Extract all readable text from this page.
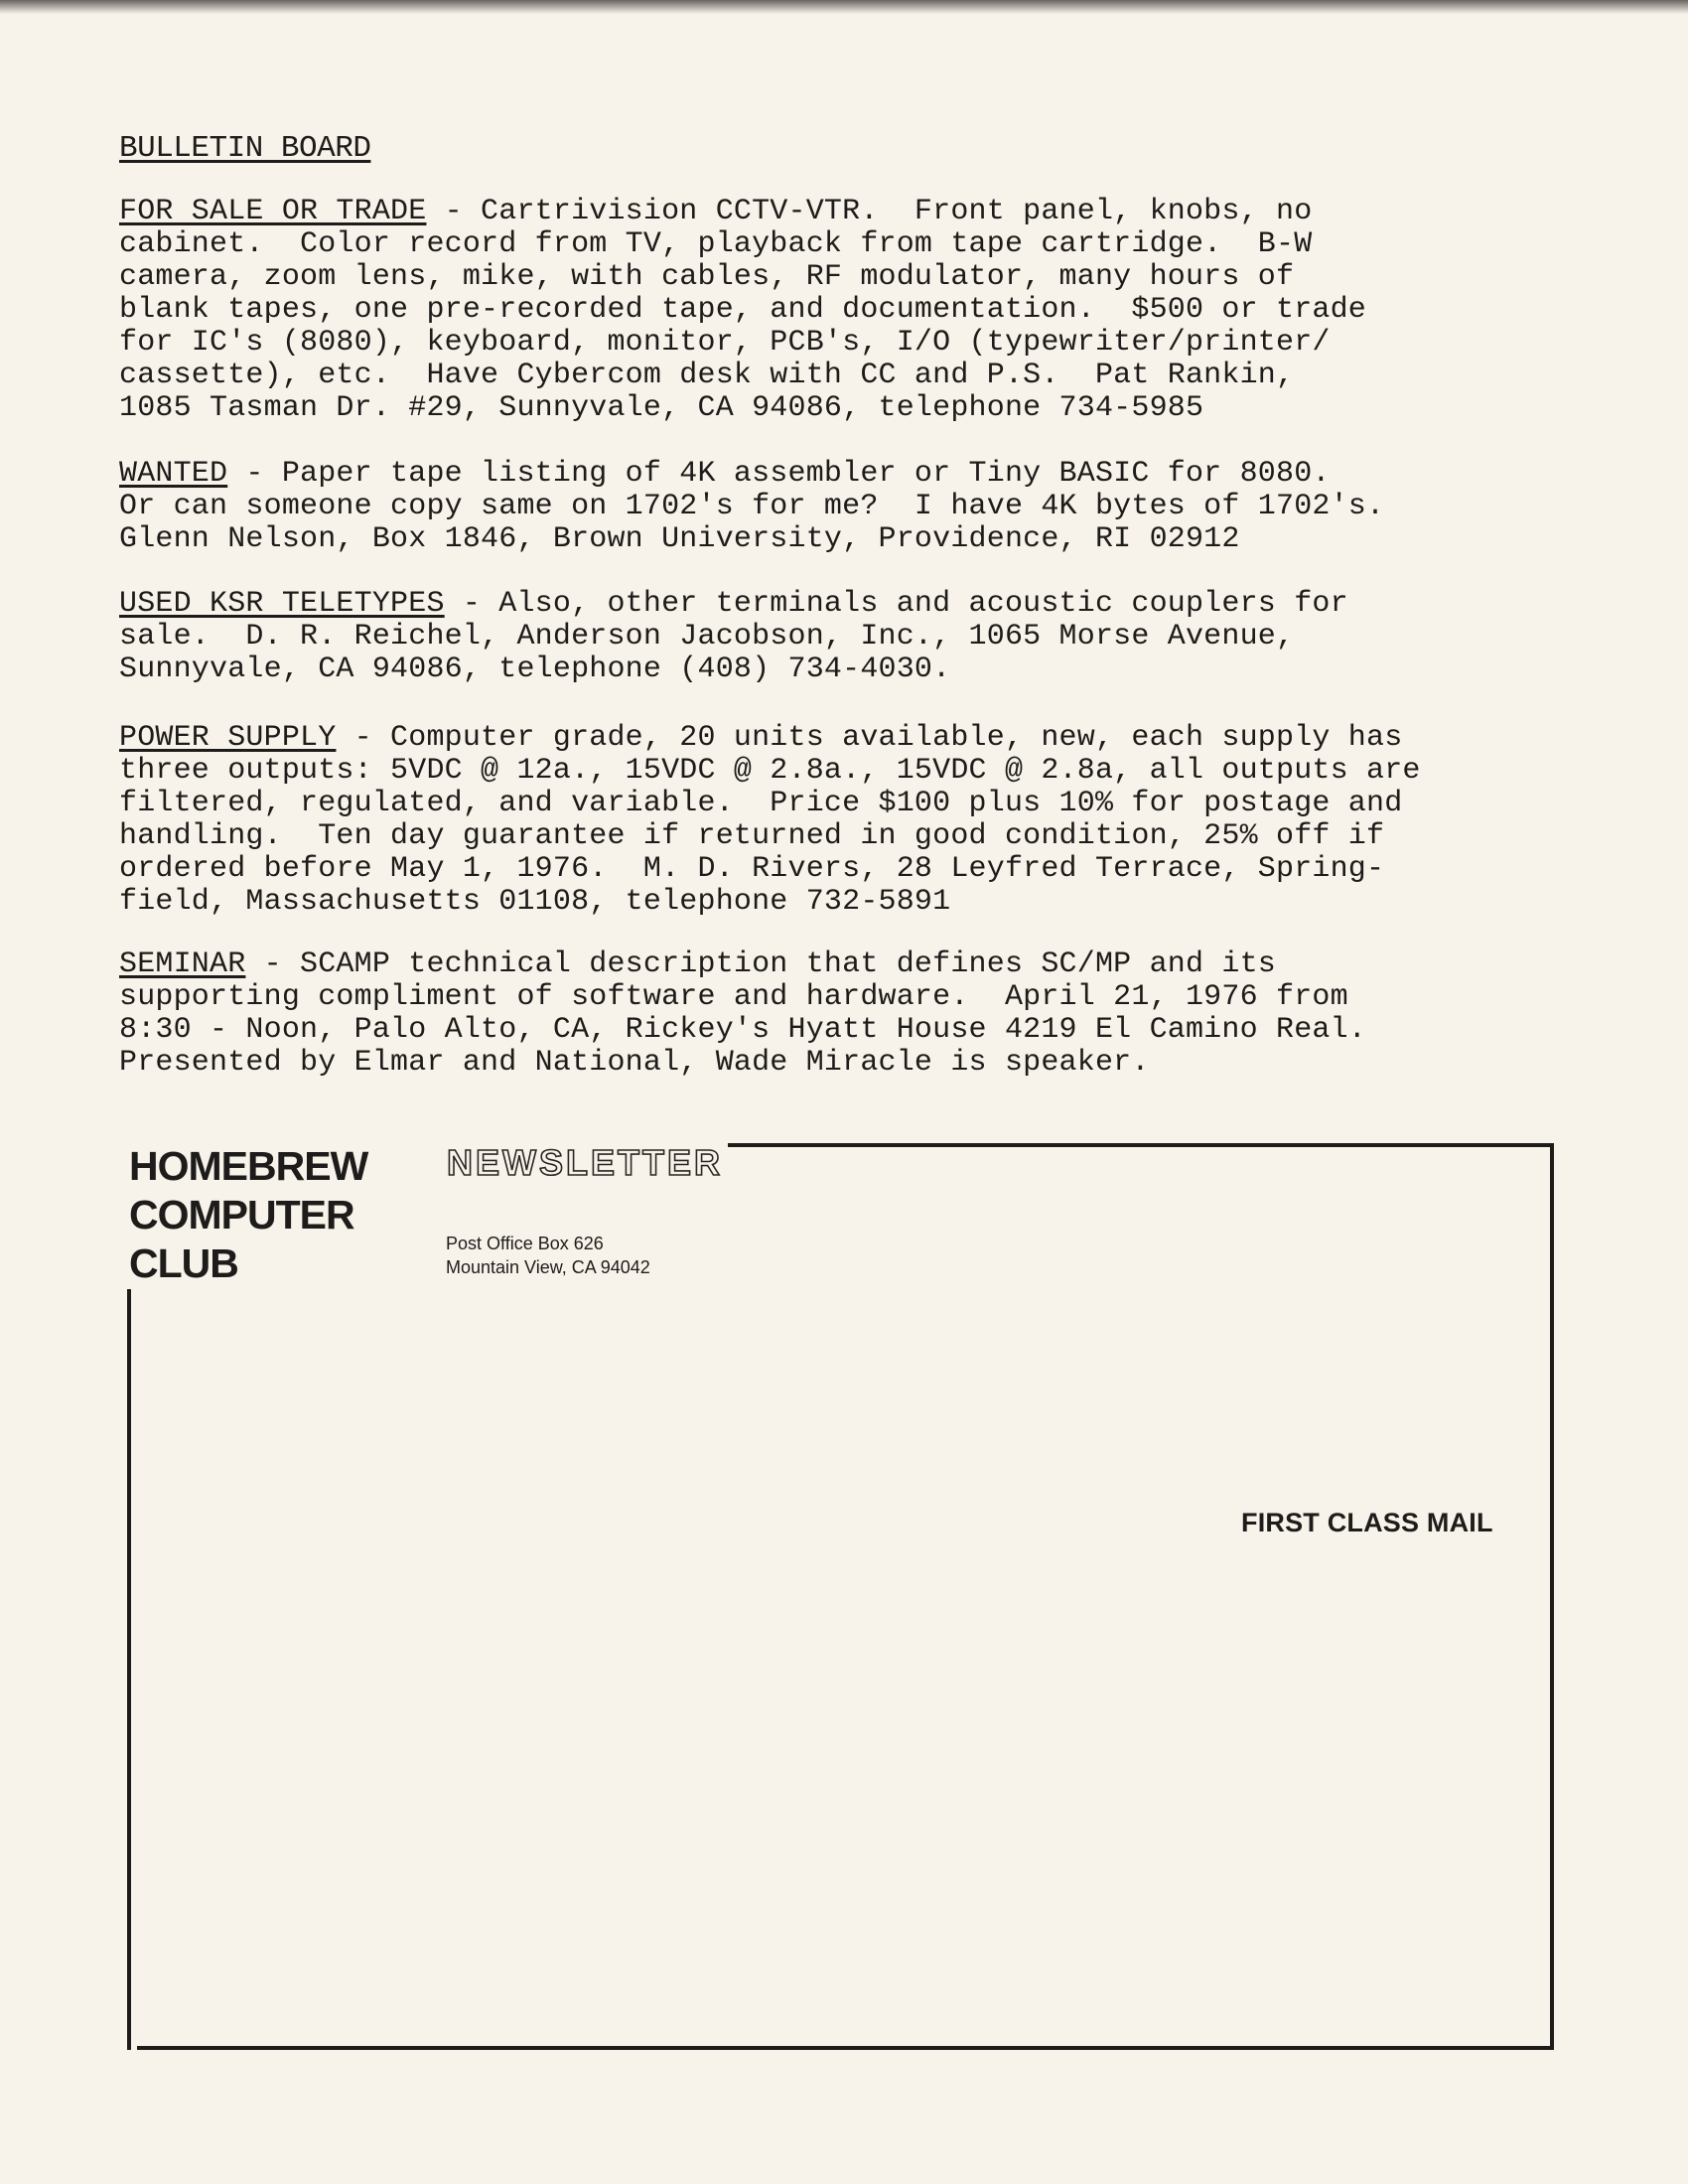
BULLETIN BOARD
FOR SALE OR TRADE - Cartrivision CCTV-VTR.  Front panel, knobs, no
cabinet.  Color record from TV, playback from tape cartridge.  B-W
camera, zoom lens, mike, with cables, RF modulator, many hours of
blank tapes, one pre-recorded tape, and documentation.  $500 or trade
for IC's (8080), keyboard, monitor, PCB's, I/O (typewriter/printer/
cassette), etc.  Have Cybercom desk with CC and P.S.  Pat Rankin,
1085 Tasman Dr. #29, Sunnyvale, CA 94086, telephone 734-5985
WANTED - Paper tape listing of 4K assembler or Tiny BASIC for 8080.
Or can someone copy same on 1702's for me?  I have 4K bytes of 1702's.
Glenn Nelson, Box 1846, Brown University, Providence, RI 02912
USED KSR TELETYPES - Also, other terminals and acoustic couplers for
sale.  D. R. Reichel, Anderson Jacobson, Inc., 1065 Morse Avenue,
Sunnyvale, CA 94086, telephone (408) 734-4030.
POWER SUPPLY - Computer grade, 20 units available, new, each supply has
three outputs: 5VDC @ 12a., 15VDC @ 2.8a., 15VDC @ 2.8a, all outputs are
filtered, regulated, and variable.  Price $100 plus 10% for postage and
handling.  Ten day guarantee if returned in good condition, 25% off if
ordered before May 1, 1976.  M. D. Rivers, 28 Leyfred Terrace, Spring-
field, Massachusetts 01108, telephone 732-5891
SEMINAR - SCAMP technical description that defines SC/MP and its
supporting compliment of software and hardware.  April 21, 1976 from
8:30 - Noon, Palo Alto, CA, Rickey's Hyatt House 4219 El Camino Real.
Presented by Elmar and National, Wade Miracle is speaker.
HOMEBREW
COMPUTER
CLUB
NEWSLETTER
Post Office Box 626
Mountain View, CA 94042
FIRST CLASS MAIL
